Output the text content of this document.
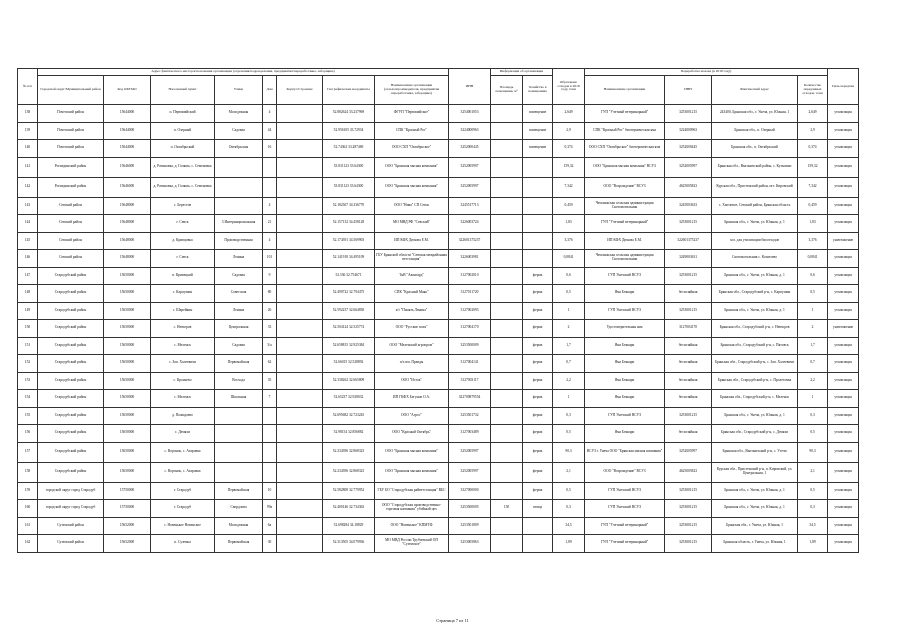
№ п/п	Адрес фактического месторасположения организации (отделения/подразделения, предприятия/переработчика, заборщика)								ИНН	Информация об организации		Образовано отходов в 2018 году, тонн	Переработка молока (в 2018 году)				Цель передачи
	Городской округ/Муниципальный район	Код ОКТМО	Населенный пункт	Улица	Дом	Корпус/Строение	Географические координаты	Наименование организации (сельхозпроизводителя, предприятия переработчика, заборщика)		Площадь помещения, м²	Хозяйство в помещениях		Наименование организации	ИНН	Фактический адрес	Количество переданных отходов, тонн	
138	Почепский район	15644000	п. Первомайский	Молодежная	4		52.882624 33.237969	ФГУП "Первомайское"	3254001053		помещение	2,649	ГУП "Учетный ветеринарный"	3253001215	243400, Брянская обл., г. Унеча, ул. Южная, 1	2,649	утилизация
139	Почепский район	15644000	п. Озерный	Садовая	44		52.956105 33.72934	СПК "Красный Рог"	3224000963		помещение	2,9	СПК "Красный Рог" биотермическая яма	3224000963	Брянская обл., п. Озерный	2,9	утилизация
140	Почепский район	15644000	п. Октябрьский	Октябрьская	16		52.74362 33.287469	ООО СХП "Октябрьское"	3252000445		помещение	0,374	ООО СХП "Октябрьское" биотермическая яма	3252000445	Брянская обл., п. Октябрьский	0,374	утилизация
141	Рогнединский район	15646000	д. Ратиновка, д. Голяшь, с. Семеновка				53.831123 33.64300	ООО "Брянская мясная компания"	3252005997			159,32	ООО "Брянская мясная компания" ВСУЗ	3252005997	Брянская обл., Выгоничский район, с. Кузьмино	159,32	утилизация
142	Рогнединский район	15646000	д. Ратиновка, д. Голяшь, с. Семеновка				53.831123 33.64300	ООО "Брянская мясная компания"	3252005997			7,342	ООО "Возрождение" ВСУЗ	4625005823	Курская обл., Пристенский район, пгт. Кировский	7,342	утилизация
143	Севский район	15648000	с. Берестов		4		52.182367 34.336770	ООО "Нива" СП Севск	3245517713			0,459	Чемлыжская сельская администрация Скотомогильник	3245003633	с. Хмелевое, Севский район, Брянская область	0,459	утилизация
144	Севский район	15648000	г. Севск	3 Интернациональная	21		52.157132 34.458128	МО МВД РФ "Севский"	3226003724			1,83	ГУП "Учетный ветеринарный"	3253001215	Брянская обл., г. Унеча, ул. Южная, д. 1	1,83	утилизация
145	Севский район	15648000	д. Кривцовка	Производственная	4		52.174391 34.569903	ИП КФХ Дюкова Е.М.	322601375237			3,376	ИП КФХ Дюкова Е.М.	322601375237	хоз. для утилизации биоотходов	3,376	уничтожение
146	Севский район	15648000	г. Севск	Ленина	101		52.141918 34.495109	ГБУ Брянской области "Севская межрайонная ветстанция"	3226003981			0,0841	Чемлыжская сельская администрация Скотомогильник	3249003631	Скотомогильник с. Кошелево	0,0841	утилизация
147	Стародубский район	15650000	п. Кривецкий	Садовая	9		52.536 32.754671	ТнВ "Авангард"	3127002010		ферма	0,6	ГУП Унечский ВСУЗ	3253001215	Брянская обл., г. Унеча, ул. Южная, д. 1	0,6	утилизация
148	Стародубский район	15650000	с. Карпушин	Советская	80		52.490722 32.794475	СПК "Красный Маяк"	3127011720		ферма	0,5	Яма Беккари	бесхозяйная	Брянская обл., Стародубский р-н, с. Карпушин	0,5	утилизация
149	Стародубский район	15650000	с. Шарейкин	Ленина	26		52.592237 32.664830	а/т "Память Ленина"	3127002093		ферма	1	ГУП Унечский ВСУЗ	3253001215	Брянская обл., г. Унеча, ул. Южная, д. 1	1	утилизация
150	Стародубский район	15650000	с. Невзоров	Центральная	33		52.504124 32.525774	ООО "Русские поля"	3127004170		ферма	2	Удостоверительная яма	3127004170	Брянская обл., Стародубский р-н, с. Невзоров	2	уничтожение
151	Стародубский район	15650000	с. Меленск	Садовая	3/a		52.658815 32.925384	ООО "Меленский агропром"	3253500009		ферма	1,7	Яма Беккари	бесхозяйная	Брянская обл., Стародубский р-н, с. Пятовск	1,7	утилизация
152	Стародубский район	15650000	с. Зап. Халеевичи	Первомайская	62		52.66015 32.528892	п/х им. Правды	3127004141		ферма	0,7	Яма Беккари	бесхозяйная	Брянская обл., Стародубский р-н, с. Зап. Халеевичи	0,7	утилизация
153	Стародубский район	15650000	с. Кроньево	Восхода	35		52.338262 32.665809	ООО "Исток"	3127003117		ферма	2,2	Яма Беккари	бесхозяйная	Брянская обл., Стародубский р-н, с. Пролетовка	2,2	утилизация
154	Стародубский район	15650000	с. Меленск	Школьная	7		52.65237 32.928032	ИП ГКФХ Бегунов О.А.	322700879554		ферма	1	Яма Беккари	бесхозяйная	Брянская обл., Стародубский р-н, с. Меленск	1	утилизация
155	Стародубский район	15650000	д. Пожидаево				52.695682 32.723245	ООО "Агрос"	3253501732		ферма	0,3	ГУП Унечский ВСУЗ	3253001215	Брянская обл., г. Унеча, ул. Южная, д. 1	0,3	утилизация
156	Стародубский район	15650000	с. Демяхи				52.98154 32.856882	ООО "Красный Октябрь"	3127003489		ферма	0,5	Яма Беккари	бесхозяйная	Брянская обл., Стародубский р-н, с. Демяхи	0,5	утилизация
157	Стародубский район	15650000	с. Воронок, с. Азаровка				52.234396 32.868323	ООО "Брянская мясная компания"	3252005997		ферма	90,3	ВСУЗ г. Унеча ООО "Брянская мясная компания"	3252005997	Брянская обл., Выгоничский р-н, с. Утечи	90,3	утилизация
158	Стародубский район	15650000	с. Воронок, с. Азаровка				52.234396 32.868323	ООО "Брянская мясная компания"	3252005997		ферма	2,1	ООО "Возрождение" ВСУЗ	4625005823	Курская обл., Пристенский р-н, п. Кировский, ул. Центральная, 1	2,1	утилизация
159	городской округ город Стародуб	15750000	г. Стародуб	Первомайская	10		52.582808 32.779952	ГБУ БО "Стародубская райветстанция" ВБС	3327000000		ферма	0,5	ГУП Унечский ВСУЗ	3253001215	Брянская обл., г. Унеча, ул. Южная, д. 1	0,5	утилизация
160	городской округ город Стародуб	15750000	г. Стародуб	Свердлова	99a		52.400146 32.734363	ООО "Стародубская производственно-торговая компания" убойный цех	3253500005	150	птица	0,3	ГУП Унечский ВСУЗ	3253001215	Брянская обл., г. Унеча, ул. Южная, д. 1	0,3	утилизация
161	Суземский район	15652000	с. Новенькое Новенское	Молодежная	6a		52.698284 34.18829	ООО "Новенькое" КПМТФ	3253501809			34,5	ГУП "Учетный ветеринарный"	3253001215	Брянская обл., г. Унеча, ул. Южная, 1	34,5	утилизация
162	Суземский район	15652000	п. Суземка	Первомайская	30		52.313505 34.079936	МО МВД России Трубчевский ОП "Суземское"	3253005863			1,89	ГУП "Учетный ветеринарный"	3253001215	Брянская область, г. Унеча, ул. Южная, 1	1,89	утилизация
Страница 7 из 11
